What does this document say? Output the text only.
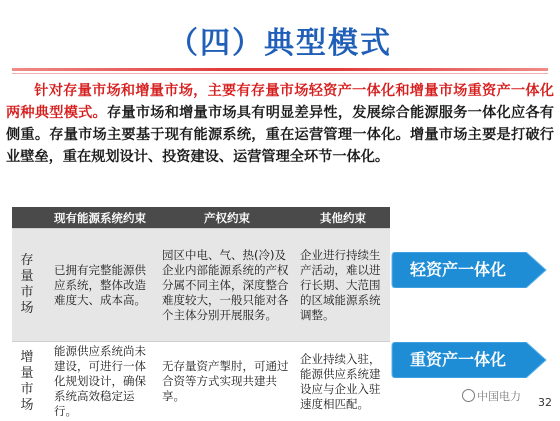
（四）典型模式
针对存量市场和增量市场，主要有存量市场轻资产一体化和增量市场重资产一体化两种典型模式。存量市场和增量市场具有明显差异性，发展综合能源服务一体化应各有侧重。存量市场主要基于现有能源系统，重在运营管理一体化。增量市场主要是打破行业壁垒，重在规划设计、投资建设、运营管理全环节一体化。
	现有能源系统约束	产权约束	其他约束

存量市场	已拥有完整能源供应系统，整体改造难度大、成本高。	园区中电、气、热(冷)及企业内部能源系统的产权分属不同主体，深度整合难度较大，一般只能对各个主体分别开展服务。	企业进行持续生产活动，难以进行长期、大范围的区域能源系统调整。

增量市场	能源供应系统尚未建设，可进行一体化规划设计，确保系统高效稳定运行。	无存量资产掣肘，可通过合资等方式实现共建共享。	企业持续入驻，能源供应系统建设应与企业入驻速度相匹配。
轻资产一体化
重资产一体化
中国电力 32
